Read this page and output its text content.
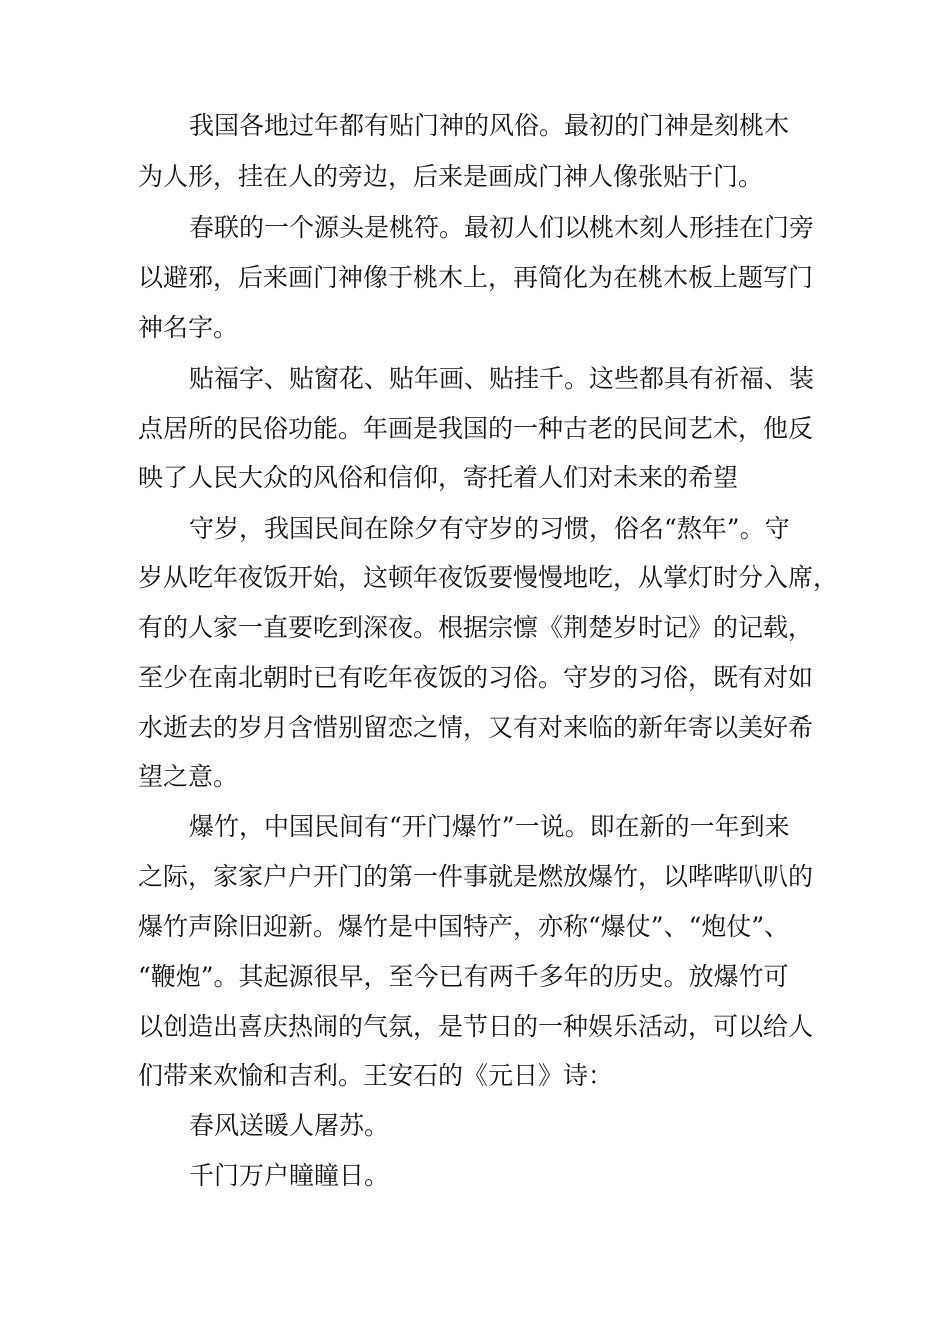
我国各地过年都有贴门神的风俗。最初的门神是刻桃木
为人形，挂在人的旁边，后来是画成门神人像张贴于门。
春联的一个源头是桃符。最初人们以桃木刻人形挂在门旁
以避邪，后来画门神像于桃木上，再简化为在桃木板上题写门
神名字。
贴福字、贴窗花、贴年画、贴挂千。这些都具有祈福、装
点居所的民俗功能。年画是我国的一种古老的民间艺术，他反
映了人民大众的风俗和信仰，寄托着人们对未来的希望
守岁，我国民间在除夕有守岁的习惯，俗名“熬年”。守
岁从吃年夜饭开始，这顿年夜饭要慢慢地吃，从掌灯时分入席，
有的人家一直要吃到深夜。根据宗懔《荆楚岁时记》的记载，
至少在南北朝时已有吃年夜饭的习俗。守岁的习俗，既有对如
水逝去的岁月含惜别留恋之情，又有对来临的新年寄以美好希
望之意。
爆竹，中国民间有“开门爆竹”一说。即在新的一年到来
之际，家家户户开门的第一件事就是燃放爆竹，以哔哔叭叭的
爆竹声除旧迎新。爆竹是中国特产，亦称“爆仗”、“炮仗”、
“鞭炮”。其起源很早，至今已有两千多年的历史。放爆竹可
以创造出喜庆热闹的气氛，是节日的一种娱乐活动，可以给人
们带来欢愉和吉利。王安石的《元日》诗：
春风送暖人屠苏。
千门万户瞳瞳日。
